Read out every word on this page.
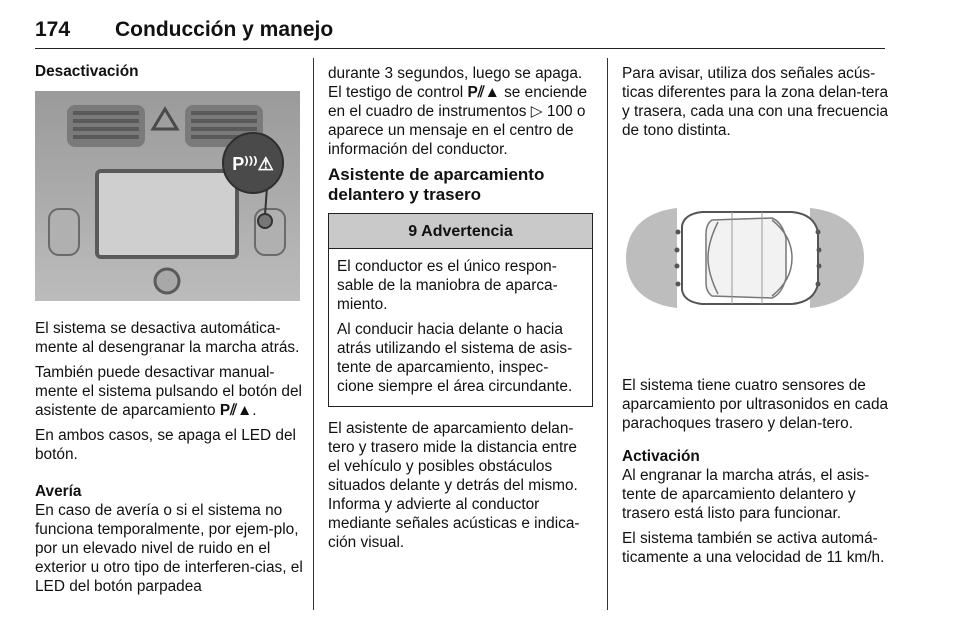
174 Conducción y manejo
Desactivación
P⁾⁾⁾⚠

El sistema se desactiva automática-mente al desengranar la marcha atrás.

También puede desactivar manual-mente el sistema pulsando el botón del asistente de aparcamiento P⫽▲.

En ambos casos, se apaga el LED del botón.

Avería

En caso de avería o si el sistema no funciona temporalmente, por ejem-plo, por un elevado nivel de ruido en el exterior u otro tipo de interferen-cias, el LED del botón parpadea

durante 3 segundos, luego se apaga. El testigo de control P⫽▲ se enciende en el cuadro de instrumentos ▷ 100 o aparece un mensaje en el centro de información del conductor.

Asistente de aparcamiento
delantero y trasero
9 Advertencia

El conductor es el único respon-sable de la maniobra de aparca-miento.

Al conducir hacia delante o hacia atrás utilizando el sistema de asis-tente de aparcamiento, inspec-cione siempre el área circundante.

El asistente de aparcamiento delan-tero y trasero mide la distancia entre el vehículo y posibles obstáculos situados delante y detrás del mismo. Informa y advierte al conductor mediante señales acústicas e indica-ción visual.

Para avisar, utiliza dos señales acús-ticas diferentes para la zona delan-tera y trasera, cada una con una frecuencia de tono distinta.

El sistema tiene cuatro sensores de aparcamiento por ultrasonidos en cada parachoques trasero y delan-tero.

Activación

Al engranar la marcha atrás, el asis-tente de aparcamiento delantero y trasero está listo para funcionar.

El sistema también se activa automá-ticamente a una velocidad de 11 km/h.
